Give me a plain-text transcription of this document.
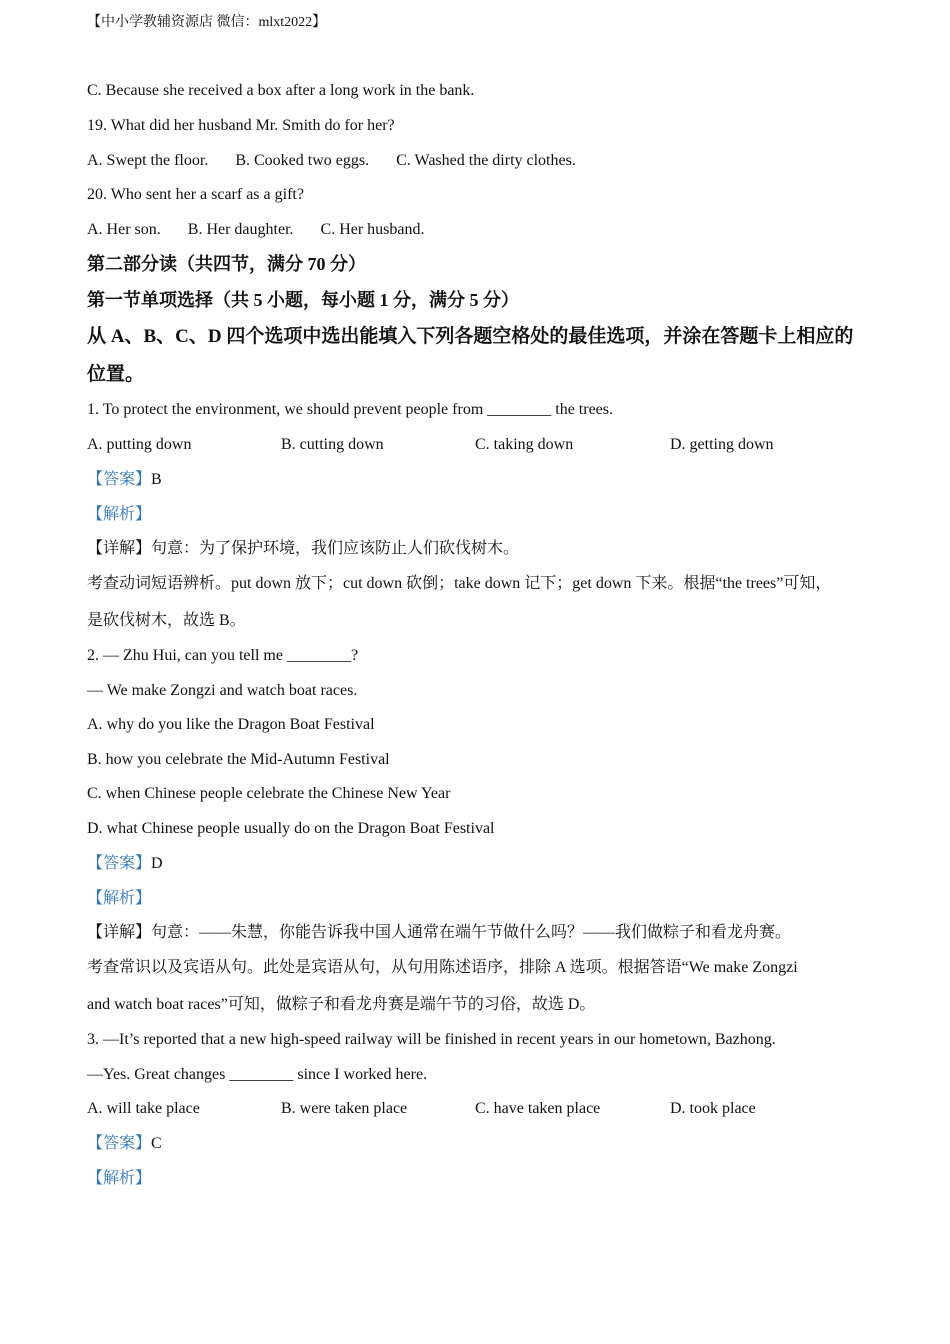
【中小学教辅资源店 微信：mlxt2022】
C. Because she received a box after a long work in the bank.
19. What did her husband Mr. Smith do for her?
A. Swept the floor. B. Cooked two eggs. C. Washed the dirty clothes.
20. Who sent her a scarf as a gift?
A. Her son. B. Her daughter. C. Her husband.
第二部分读（共四节，满分 70 分）
第一节单项选择（共 5 小题，每小题 1 分，满分 5 分）
从 A、B、C、D 四个选项中选出能填入下列各题空格处的最佳选项，并涂在答题卡上相应的
位置。
1. To protect the environment, we should prevent people from ________ the trees.
A. putting down	B. cutting down	C. taking down	D. getting down
【答案】B
【解析】
【详解】句意：为了保护环境，我们应该防止人们砍伐树木。
考查动词短语辨析。put down 放下；cut down 砍倒；take down 记下；get down 下来。根据“the trees”可知，
是砍伐树木，故选 B。
2. — Zhu Hui, can you tell me ________?
— We make Zongzi and watch boat races.
A. why do you like the Dragon Boat Festival
B. how you celebrate the Mid-Autumn Festival
C. when Chinese people celebrate the Chinese New Year
D. what Chinese people usually do on the Dragon Boat Festival
【答案】D
【解析】
【详解】句意：——朱慧，你能告诉我中国人通常在端午节做什么吗？——我们做粽子和看龙舟赛。
考查常识以及宾语从句。此处是宾语从句，从句用陈述语序，排除 A 选项。根据答语“We make Zongzi
and watch boat races”可知，做粽子和看龙舟赛是端午节的习俗，故选 D。
3. —It’s reported that a new high-speed railway will be finished in recent years in our hometown, Bazhong.
—Yes. Great changes ________ since I worked here.
A. will take place	B. were taken place	C. have taken place	D. took place
【答案】C
【解析】
